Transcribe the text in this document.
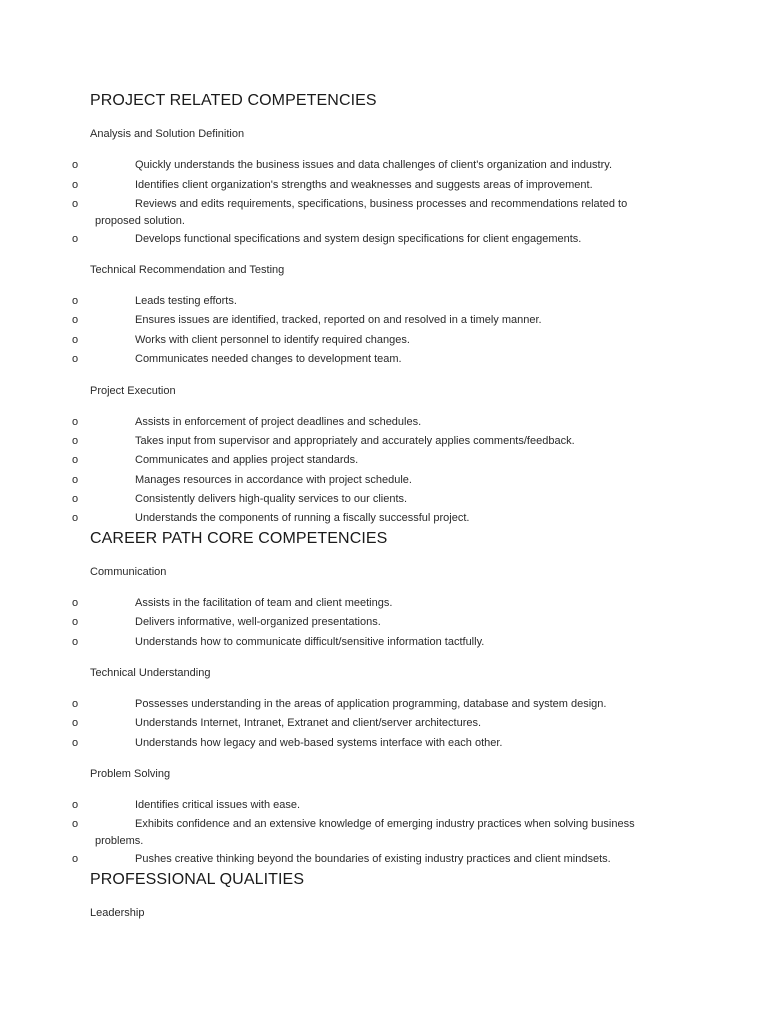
PROJECT RELATED COMPETENCIES

Analysis and Solution Definition

o	Quickly understands the business issues and data challenges of client's organization and industry.
o	Identifies client organization's strengths and weaknesses and suggests areas of improvement.
o	Reviews and edits requirements, specifications, business processes and recommendations related to proposed solution.
o	Develops functional specifications and system design specifications for client engagements.

Technical Recommendation and Testing

o	Leads testing efforts.
o	Ensures issues are identified, tracked, reported on and resolved in a timely manner.
o	Works with client personnel to identify required changes.
o	Communicates needed changes to development team.

Project Execution

o	Assists in enforcement of project deadlines and schedules.
o	Takes input from supervisor and appropriately and accurately applies comments/feedback.
o	Communicates and applies project standards.
o	Manages resources in accordance with project schedule.
o	Consistently delivers high-quality services to our clients.
o	Understands the components of running a fiscally successful project.
CAREER PATH CORE COMPETENCIES

Communication

o	Assists in the facilitation of team and client meetings.
o	Delivers informative, well-organized presentations.
o	Understands how to communicate difficult/sensitive information tactfully.

Technical Understanding

o	Possesses understanding in the areas of application programming, database and system design.
o	Understands Internet, Intranet, Extranet and client/server architectures.
o	Understands how legacy and web-based systems interface with each other.

Problem Solving

o	Identifies critical issues with ease.
o	Exhibits confidence and an extensive knowledge of emerging industry practices when solving business problems.
o	Pushes creative thinking beyond the boundaries of existing industry practices and client mindsets.
PROFESSIONAL QUALITIES

Leadership
